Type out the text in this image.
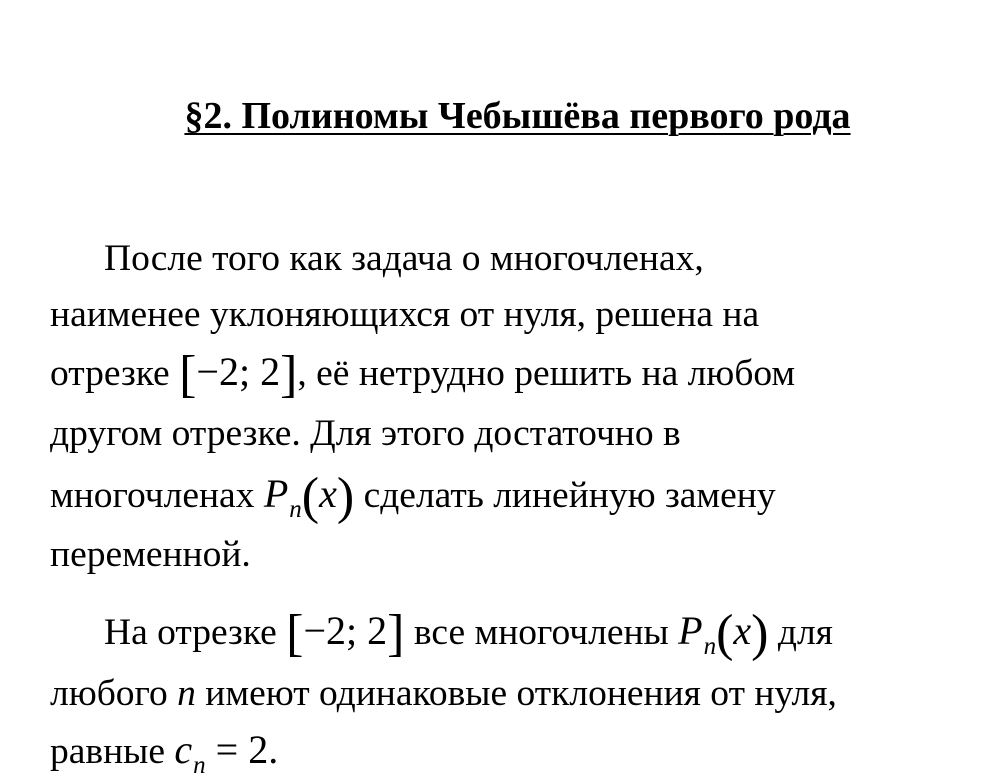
§2. Полиномы Чебышёва первого рода
После того как задача о многочленах,
наименее уклоняющихся от нуля, решена на
отрезке [−2; 2], её нетрудно решить на любом
другом отрезке. Для этого достаточно в
многочленах $P_n(x)$ сделать линейную замену
переменной.
На отрезке [−2; 2] все многочлены $P_n(x)$ для
любого n имеют одинаковые отклонения от нуля,
равные $c_n = 2$.
